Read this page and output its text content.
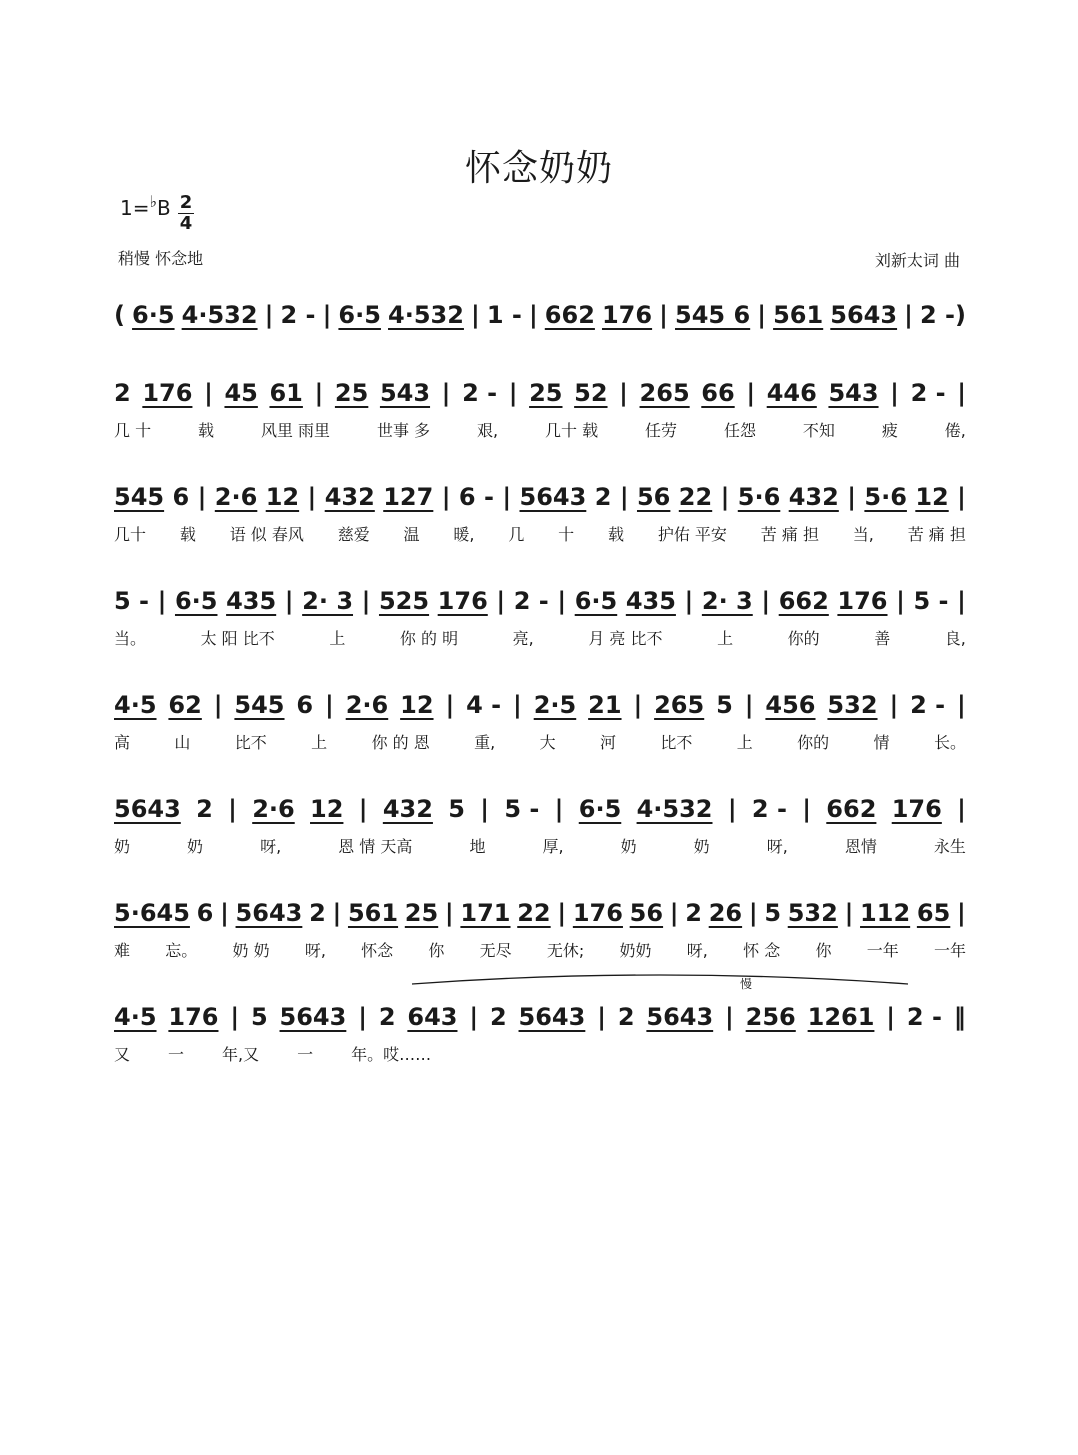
怀念奶奶
1=♭B 2
4
稍慢 怀念地	刘新太词 曲
( 6·5 4·532 | 2 - | 6·5 4·532 | 1 - | 662 176 | 545 6 | 561 5643 | 2 -)
2 176 | 45 61 | 25 543 | 2 - | 25 52 | 265 66 | 446 543 | 2 - |
几 十	载	风里 雨里	世事 多	艰,	几十 载	任劳	任怨	不知	疲	倦,
545 6 | 2·6 12 | 432 127 | 6 - | 5643 2 | 56 22 | 5·6 432 | 5·6 12 |
几十 载 语 似 春风 慈爱 温 暖, 几 十 载 护佑 平安 苦 痛 担 当, 苦 痛 担
5 - | 6·5 435 | 2· 3 | 525 176 | 2 - | 6·5 435 | 2· 3 | 662 176 | 5 - |
当。	太 阳 比不	上	你 的 明	亮,	月 亮 比不	上	你的	善	良,
4·5 62 | 545 6 | 2·6 12 | 4 - | 2·5 21 | 265 5 | 456 532 | 2 - |
高	山	比不	上	你 的 恩	重,	大	河	比不	上	你的	情	长。
5643 2 | 2·6 12 | 432 5 | 5 - | 6·5 4·532 | 2 - | 662 176 |
奶	奶	呀,	恩 情 天高	地	厚,	奶	奶	呀,	恩情	永生
5·645 6 | 5643 2 | 561 25 | 171 22 | 176 56 | 2 26 | 5 532 | 112 65 |
难 忘。 奶 奶 呀, 怀念 你 无尽 无休; 奶奶 呀, 怀 念 你 一年 一年
4·5 176 | 5 5643 | 2 643 | 2 5643 | 2 5643 | 256 1261 | 2 - ‖
又 一 年,又 一 年。哎……
慢
